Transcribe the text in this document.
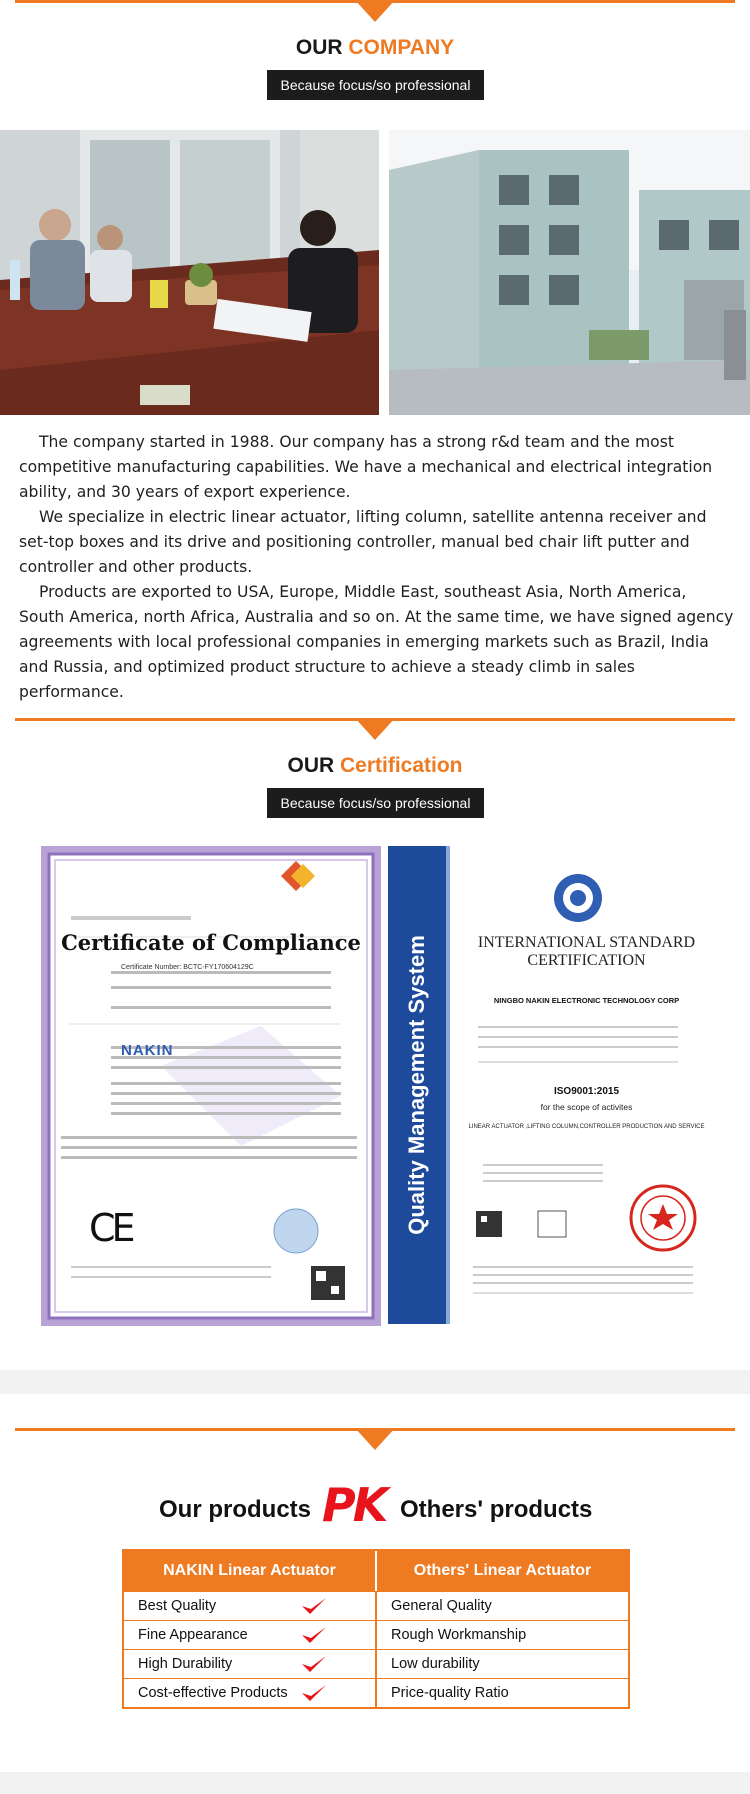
OUR COMPANY
Because focus/so professional

The company started in 1988. Our company has a strong r&d team and the most competitive manufacturing capabilities. We have a mechanical and electrical integration ability, and 30 years of export experience.

We specialize in electric linear actuator, lifting column, satellite antenna receiver and set-top boxes and its drive and positioning controller, manual bed chair lift putter and controller and other products.

Products are exported to USA, Europe, Middle East, southeast Asia, North America, South America, north Africa, Australia and so on. At the same time, we have signed agency agreements with local professional companies in emerging markets such as Brazil, India and Russia, and optimized product structure to achieve a steady climb in sales performance.

OUR Certification
Because focus/so professional
Certificate of Compliance
Certificate Number: BCTC-FY170604129C
NAKIN
CE	Quality Management System	INTERNATIONAL STANDARD
CERTIFICATION
NINGBO NAKIN ELECTRONIC TECHNOLOGY CORP
ISO9001:2015
for the scope of activites
LINEAR ACTUATOR ,LIFTING COLUMN,CONTROLLER PRODUCTION AND SERVICE
Our products PK Others' products
NAKIN Linear Actuator	Others' Linear Actuator
Best Quality	General Quality
Fine Appearance	Rough Workmanship
High Durability	Low durability
Cost-effective Products	Price-quality Ratio
